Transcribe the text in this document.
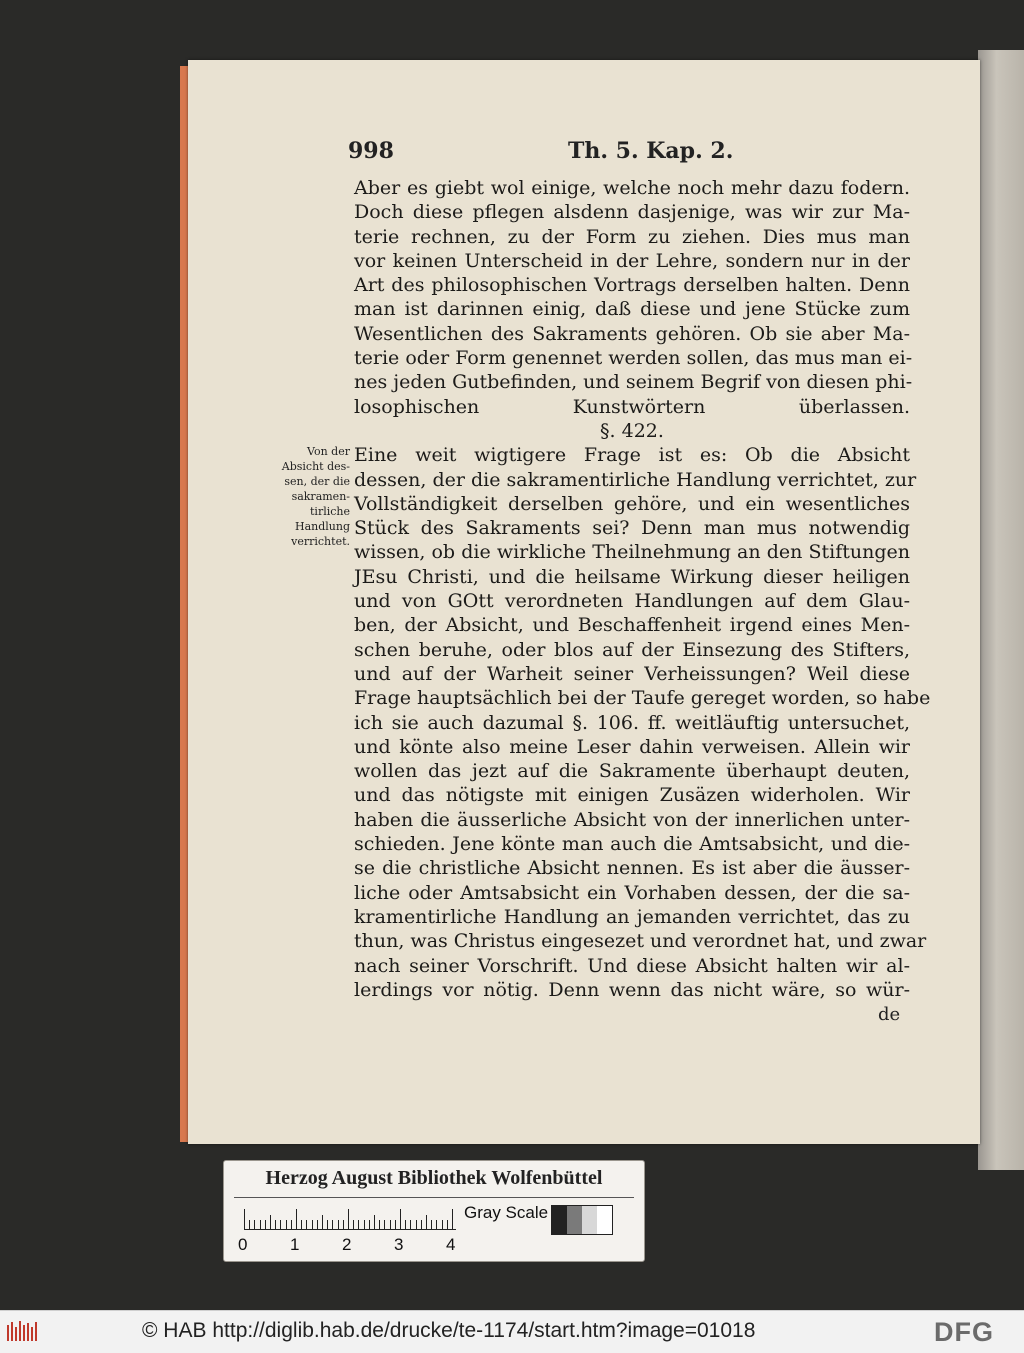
998	Th. 5. Kap. 2.
Aber es giebt wol einige, welche noch mehr dazu fodern.
Doch diese pflegen alsdenn dasjenige, was wir zur Ma-
terie rechnen, zu der Form zu ziehen. Dies mus man
vor keinen Unterscheid in der Lehre, sondern nur in der
Art des philosophischen Vortrags derselben halten. Denn
man ist darinnen einig, daß diese und jene Stücke zum
Wesentlichen des Sakraments gehören. Ob sie aber Ma-
terie oder Form genennet werden sollen, das mus man ei-
nes jeden Gutbefinden, und seinem Begrif von diesen phi-
losophischen Kunstwörtern überlassen.
§. 422.
Eine weit wigtigere Frage ist es: Ob die Absicht
dessen, der die sakramentirliche Handlung verrichtet, zur
Vollständigkeit derselben gehöre, und ein wesentliches
Stück des Sakraments sei? Denn man mus notwendig
wissen, ob die wirkliche Theilnehmung an den Stiftungen
JEsu Christi, und die heilsame Wirkung dieser heiligen
und von GOtt verordneten Handlungen auf dem Glau-
ben, der Absicht, und Beschaffenheit irgend eines Men-
schen beruhe, oder blos auf der Einsezung des Stifters,
und auf der Warheit seiner Verheissungen? Weil diese
Frage hauptsächlich bei der Taufe gereget worden, so habe
ich sie auch dazumal §. 106. ff. weitläuftig untersuchet,
und könte also meine Leser dahin verweisen. Allein wir
wollen das jezt auf die Sakramente überhaupt deuten,
und das nötigste mit einigen Zusäzen widerholen. Wir
haben die äusserliche Absicht von der innerlichen unter-
schieden. Jene könte man auch die Amtsabsicht, und die-
se die christliche Absicht nennen. Es ist aber die äusser-
liche oder Amtsabsicht ein Vorhaben dessen, der die sa-
kramentirliche Handlung an jemanden verrichtet, das zu
thun, was Christus eingesezet und verordnet hat, und zwar
nach seiner Vorschrift. Und diese Absicht halten wir al-
lerdings vor nötig. Denn wenn das nicht wäre, so wür-
Von der
Absicht des-
sen, der die
sakramen-
tirliche
Handlung
verrichtet.
de
Herzog August Bibliothek Wolfenbüttel
0	1	2	3	4
Gray Scale
© HAB http://diglib.hab.de/drucke/te-1174/start.htm?image=01018	DFG
